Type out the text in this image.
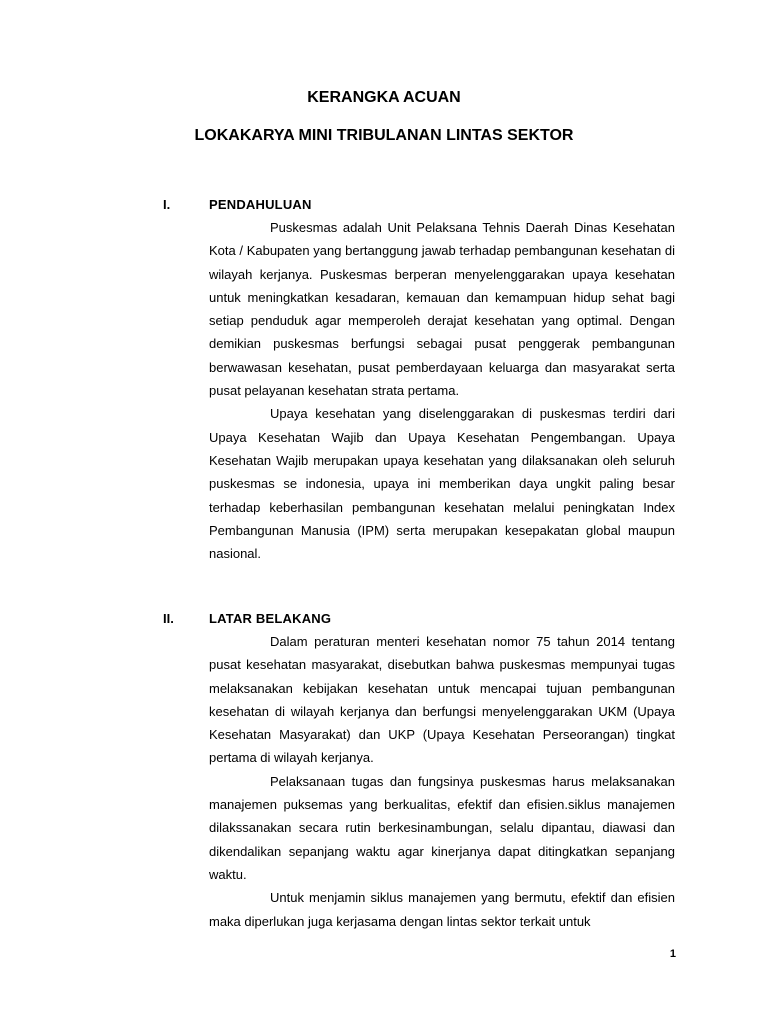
KERANGKA ACUAN
LOKAKARYA MINI TRIBULANAN LINTAS SEKTOR

I.	PENDAHULUAN

Puskesmas adalah Unit Pelaksana Tehnis Daerah Dinas Kesehatan Kota / Kabupaten yang bertanggung jawab terhadap pembangunan kesehatan di wilayah kerjanya. Puskesmas berperan menyelenggarakan upaya kesehatan untuk meningkatkan kesadaran, kemauan dan kemampuan hidup sehat bagi setiap penduduk agar memperoleh derajat kesehatan yang optimal. Dengan demikian puskesmas berfungsi sebagai pusat penggerak pembangunan berwawasan kesehatan, pusat pemberdayaan keluarga dan masyarakat serta pusat pelayanan kesehatan strata pertama.

Upaya kesehatan yang diselenggarakan di puskesmas terdiri dari Upaya Kesehatan Wajib dan Upaya Kesehatan Pengembangan. Upaya Kesehatan Wajib merupakan upaya kesehatan yang dilaksanakan oleh seluruh puskesmas se indonesia, upaya ini memberikan daya ungkit paling besar terhadap keberhasilan pembangunan kesehatan melalui peningkatan Index Pembangunan Manusia (IPM) serta merupakan kesepakatan global maupun nasional.

II.	LATAR BELAKANG

Dalam peraturan menteri kesehatan nomor 75 tahun 2014 tentang pusat kesehatan masyarakat, disebutkan bahwa puskesmas mempunyai tugas melaksanakan kebijakan kesehatan untuk mencapai tujuan pembangunan kesehatan di wilayah kerjanya dan berfungsi menyelenggarakan UKM (Upaya Kesehatan Masyarakat) dan UKP (Upaya Kesehatan Perseorangan) tingkat pertama di wilayah kerjanya.

Pelaksanaan tugas dan fungsinya puskesmas harus melaksanakan manajemen puksemas yang berkualitas, efektif dan efisien.siklus manajemen dilakssanakan secara rutin berkesinambungan, selalu dipantau, diawasi dan dikendalikan sepanjang waktu agar kinerjanya dapat ditingkatkan sepanjang waktu.

Untuk menjamin siklus manajemen yang bermutu, efektif dan efisien maka diperlukan juga kerjasama dengan lintas sektor terkait untuk

1
